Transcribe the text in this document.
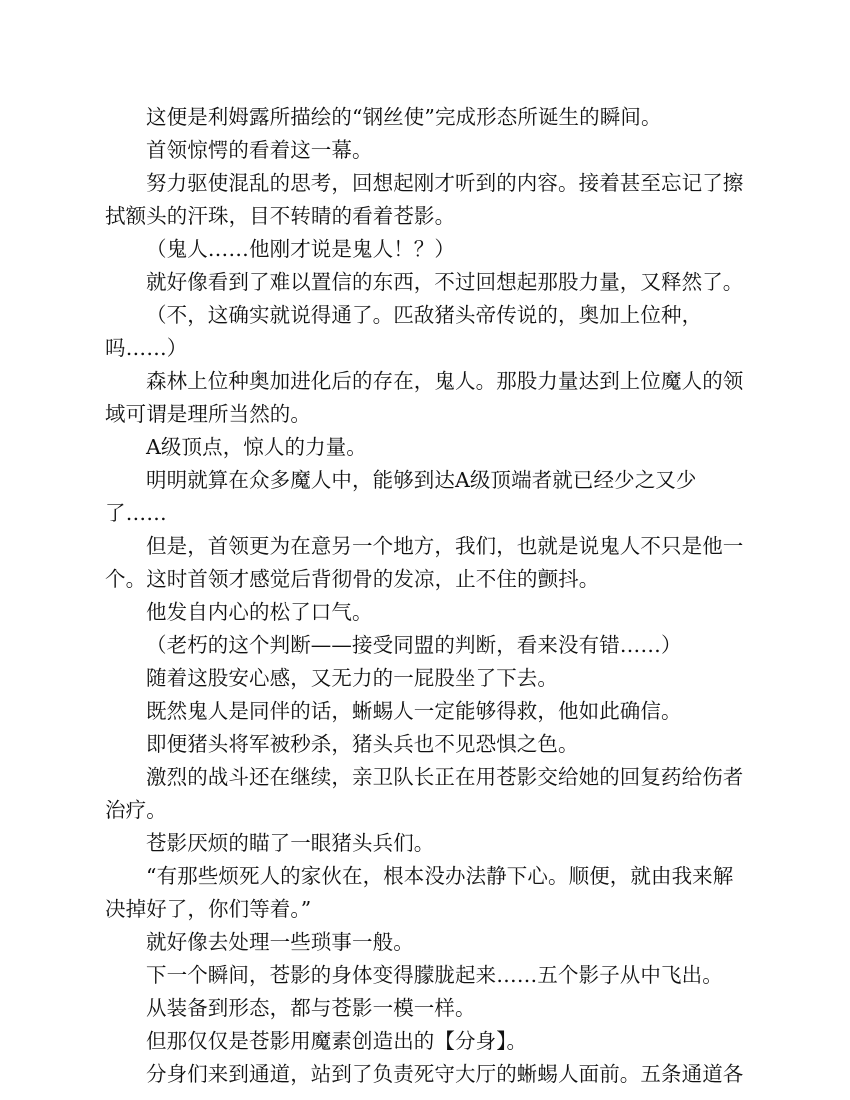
这便是利姆露所描绘的“钢丝使”完成形态所诞生的瞬间。

首领惊愕的看着这一幕。

努力驱使混乱的思考，回想起刚才听到的内容。接着甚至忘记了擦拭额头的汗珠，目不转睛的看着苍影。

（鬼人……他刚才说是鬼人！？）

就好像看到了难以置信的东西，不过回想起那股力量，又释然了。

（不，这确实就说得通了。匹敌猪头帝传说的，奥加上位种，吗……）

森林上位种奥加进化后的存在，鬼人。那股力量达到上位魔人的领域可谓是理所当然的。

A级顶点，惊人的力量。

明明就算在众多魔人中，能够到达A级顶端者就已经少之又少了……

但是，首领更为在意另一个地方，我们，也就是说鬼人不只是他一个。这时首领才感觉后背彻骨的发凉，止不住的颤抖。

他发自内心的松了口气。

（老朽的这个判断——接受同盟的判断，看来没有错……）

随着这股安心感，又无力的一屁股坐了下去。

既然鬼人是同伴的话，蜥蜴人一定能够得救，他如此确信。

即便猪头将军被秒杀，猪头兵也不见恐惧之色。

激烈的战斗还在继续，亲卫队长正在用苍影交给她的回复药给伤者治疗。

苍影厌烦的瞄了一眼猪头兵们。

“有那些烦死人的家伙在，根本没办法静下心。顺便，就由我来解决掉好了，你们等着。”

就好像去处理一些琐事一般。

下一个瞬间，苍影的身体变得朦胧起来……五个影子从中飞出。

从装备到形态，都与苍影一模一样。

但那仅仅是苍影用魔素创造出的【分身】。

分身们来到通道，站到了负责死守大厅的蜥蜴人面前。五条通道各
